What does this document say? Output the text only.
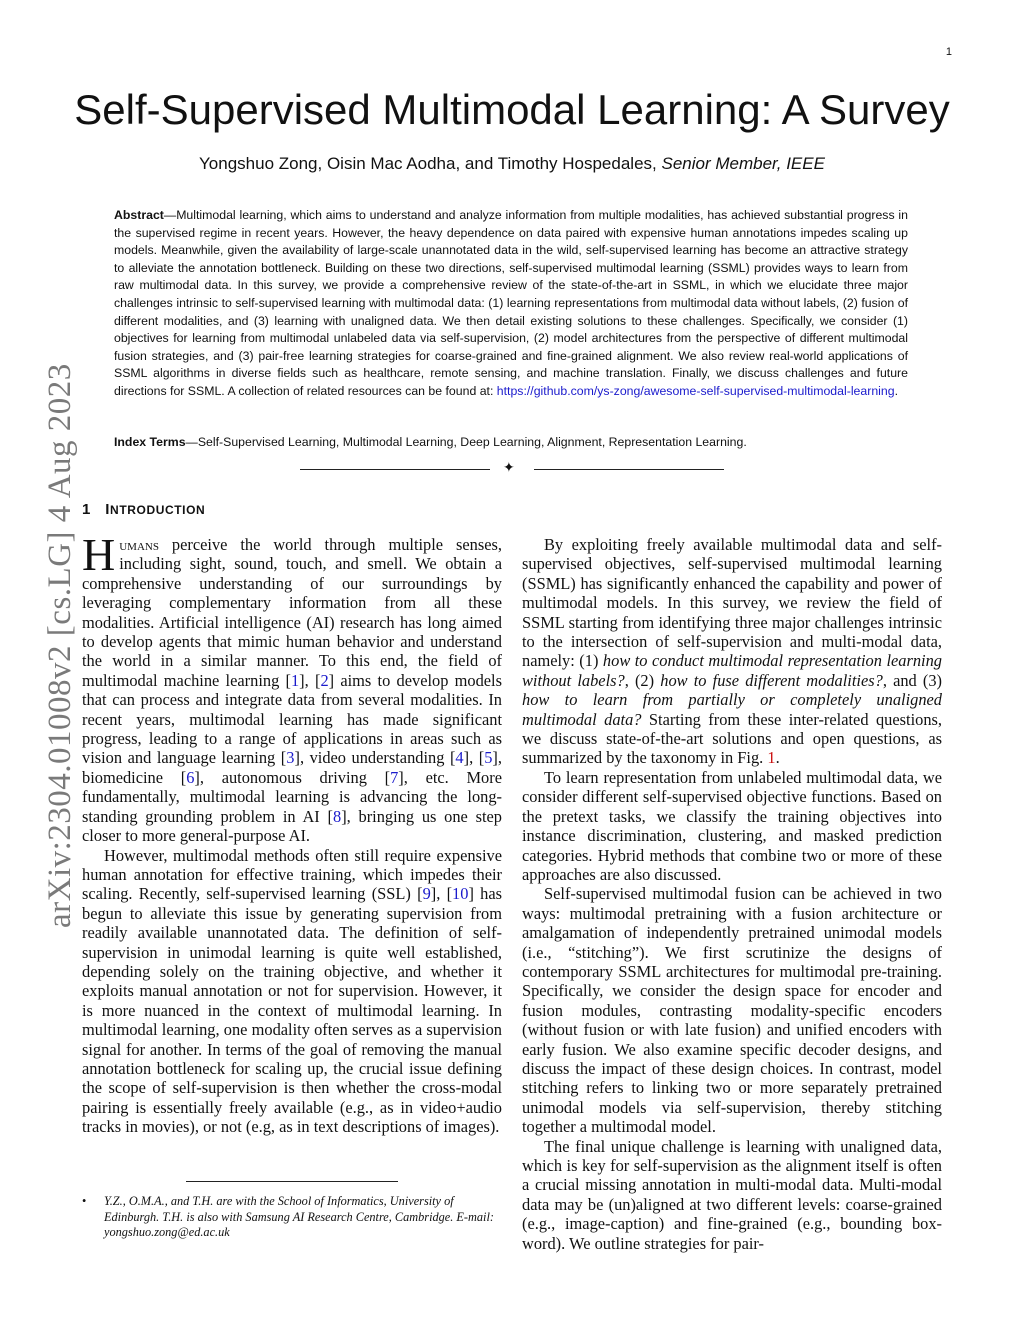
1
arXiv:2304.01008v2 [cs.LG] 4 Aug 2023
Self-Supervised Multimodal Learning: A Survey
Yongshuo Zong, Oisin Mac Aodha, and Timothy Hospedales, Senior Member, IEEE

Abstract—Multimodal learning, which aims to understand and analyze information from multiple modalities, has achieved substantial progress in the supervised regime in recent years. However, the heavy dependence on data paired with expensive human annotations impedes scaling up models. Meanwhile, given the availability of large-scale unannotated data in the wild, self-supervised learning has become an attractive strategy to alleviate the annotation bottleneck. Building on these two directions, self-supervised multimodal learning (SSML) provides ways to learn from raw multimodal data. In this survey, we provide a comprehensive review of the state-of-the-art in SSML, in which we elucidate three major challenges intrinsic to self-supervised learning with multimodal data: (1) learning representations from multimodal data without labels, (2) fusion of different modalities, and (3) learning with unaligned data. We then detail existing solutions to these challenges. Specifically, we consider (1) objectives for learning from multimodal unlabeled data via self-supervision, (2) model architectures from the perspective of different multimodal fusion strategies, and (3) pair-free learning strategies for coarse-grained and fine-grained alignment. We also review real-world applications of SSML algorithms in diverse fields such as healthcare, remote sensing, and machine translation. Finally, we discuss challenges and future directions for SSML. A collection of related resources can be found at: https://github.com/ys-zong/awesome-self-supervised-multimodal-learning.

Index Terms—Self-Supervised Learning, Multimodal Learning, Deep Learning, Alignment, Representation Learning.

✦
1 INTRODUCTION

Humans perceive the world through multiple senses, including sight, sound, touch, and smell. We obtain a comprehensive understanding of our surroundings by leveraging complementary information from all these modalities. Artificial intelligence (AI) research has long aimed to develop agents that mimic human behavior and understand the world in a similar manner. To this end, the field of multimodal machine learning [1], [2] aims to develop models that can process and integrate data from several modalities. In recent years, multimodal learning has made significant progress, leading to a range of applications in areas such as vision and language learning [3], video understanding [4], [5], biomedicine [6], autonomous driving [7], etc. More fundamentally, multimodal learning is advancing the long-standing grounding problem in AI [8], bringing us one step closer to more general-purpose AI.

However, multimodal methods often still require expensive human annotation for effective training, which impedes their scaling. Recently, self-supervised learning (SSL) [9], [10] has begun to alleviate this issue by generating supervision from readily available unannotated data. The definition of self-supervision in unimodal learning is quite well established, depending solely on the training objective, and whether it exploits manual annotation or not for supervision. However, it is more nuanced in the context of multimodal learning. In multimodal learning, one modality often serves as a supervision signal for another. In terms of the goal of removing the manual annotation bottleneck for scaling up, the crucial issue defining the scope of self-supervision is then whether the cross-modal pairing is essentially freely available (e.g., as in video+audio tracks in movies), or not (e.g, as in text descriptions of images).

By exploiting freely available multimodal data and self-supervised objectives, self-supervised multimodal learning (SSML) has significantly enhanced the capability and power of multimodal models. In this survey, we review the field of SSML starting from identifying three major challenges intrinsic to the intersection of self-supervision and multi-modal data, namely: (1) how to conduct multimodal representation learning without labels?, (2) how to fuse different modalities?, and (3) how to learn from partially or completely unaligned multimodal data? Starting from these inter-related questions, we discuss state-of-the-art solutions and open questions, as summarized by the taxonomy in Fig. 1.

To learn representation from unlabeled multimodal data, we consider different self-supervised objective functions. Based on the pretext tasks, we classify the training objectives into instance discrimination, clustering, and masked prediction categories. Hybrid methods that combine two or more of these approaches are also discussed.

Self-supervised multimodal fusion can be achieved in two ways: multimodal pretraining with a fusion architecture or amalgamation of independently pretrained unimodal models (i.e., “stitching”). We first scrutinize the designs of contemporary SSML architectures for multimodal pre-training. Specifically, we consider the design space for encoder and fusion modules, contrasting modality-specific encoders (without fusion or with late fusion) and unified encoders with early fusion. We also examine specific decoder designs, and discuss the impact of these design choices. In contrast, model stitching refers to linking two or more separately pretrained unimodal models via self-supervision, thereby stitching together a multimodal model.

The final unique challenge is learning with unaligned data, which is key for self-supervision as the alignment itself is often a crucial missing annotation in multi-modal data. Multi-modal data may be (un)aligned at two different levels: coarse-grained (e.g., image-caption) and fine-grained (e.g., bounding box-word). We outline strategies for pair-

• Y.Z., O.M.A., and T.H. are with the School of Informatics, University of Edinburgh. T.H. is also with Samsung AI Research Centre, Cambridge. E-mail: yongshuo.zong@ed.ac.uk
